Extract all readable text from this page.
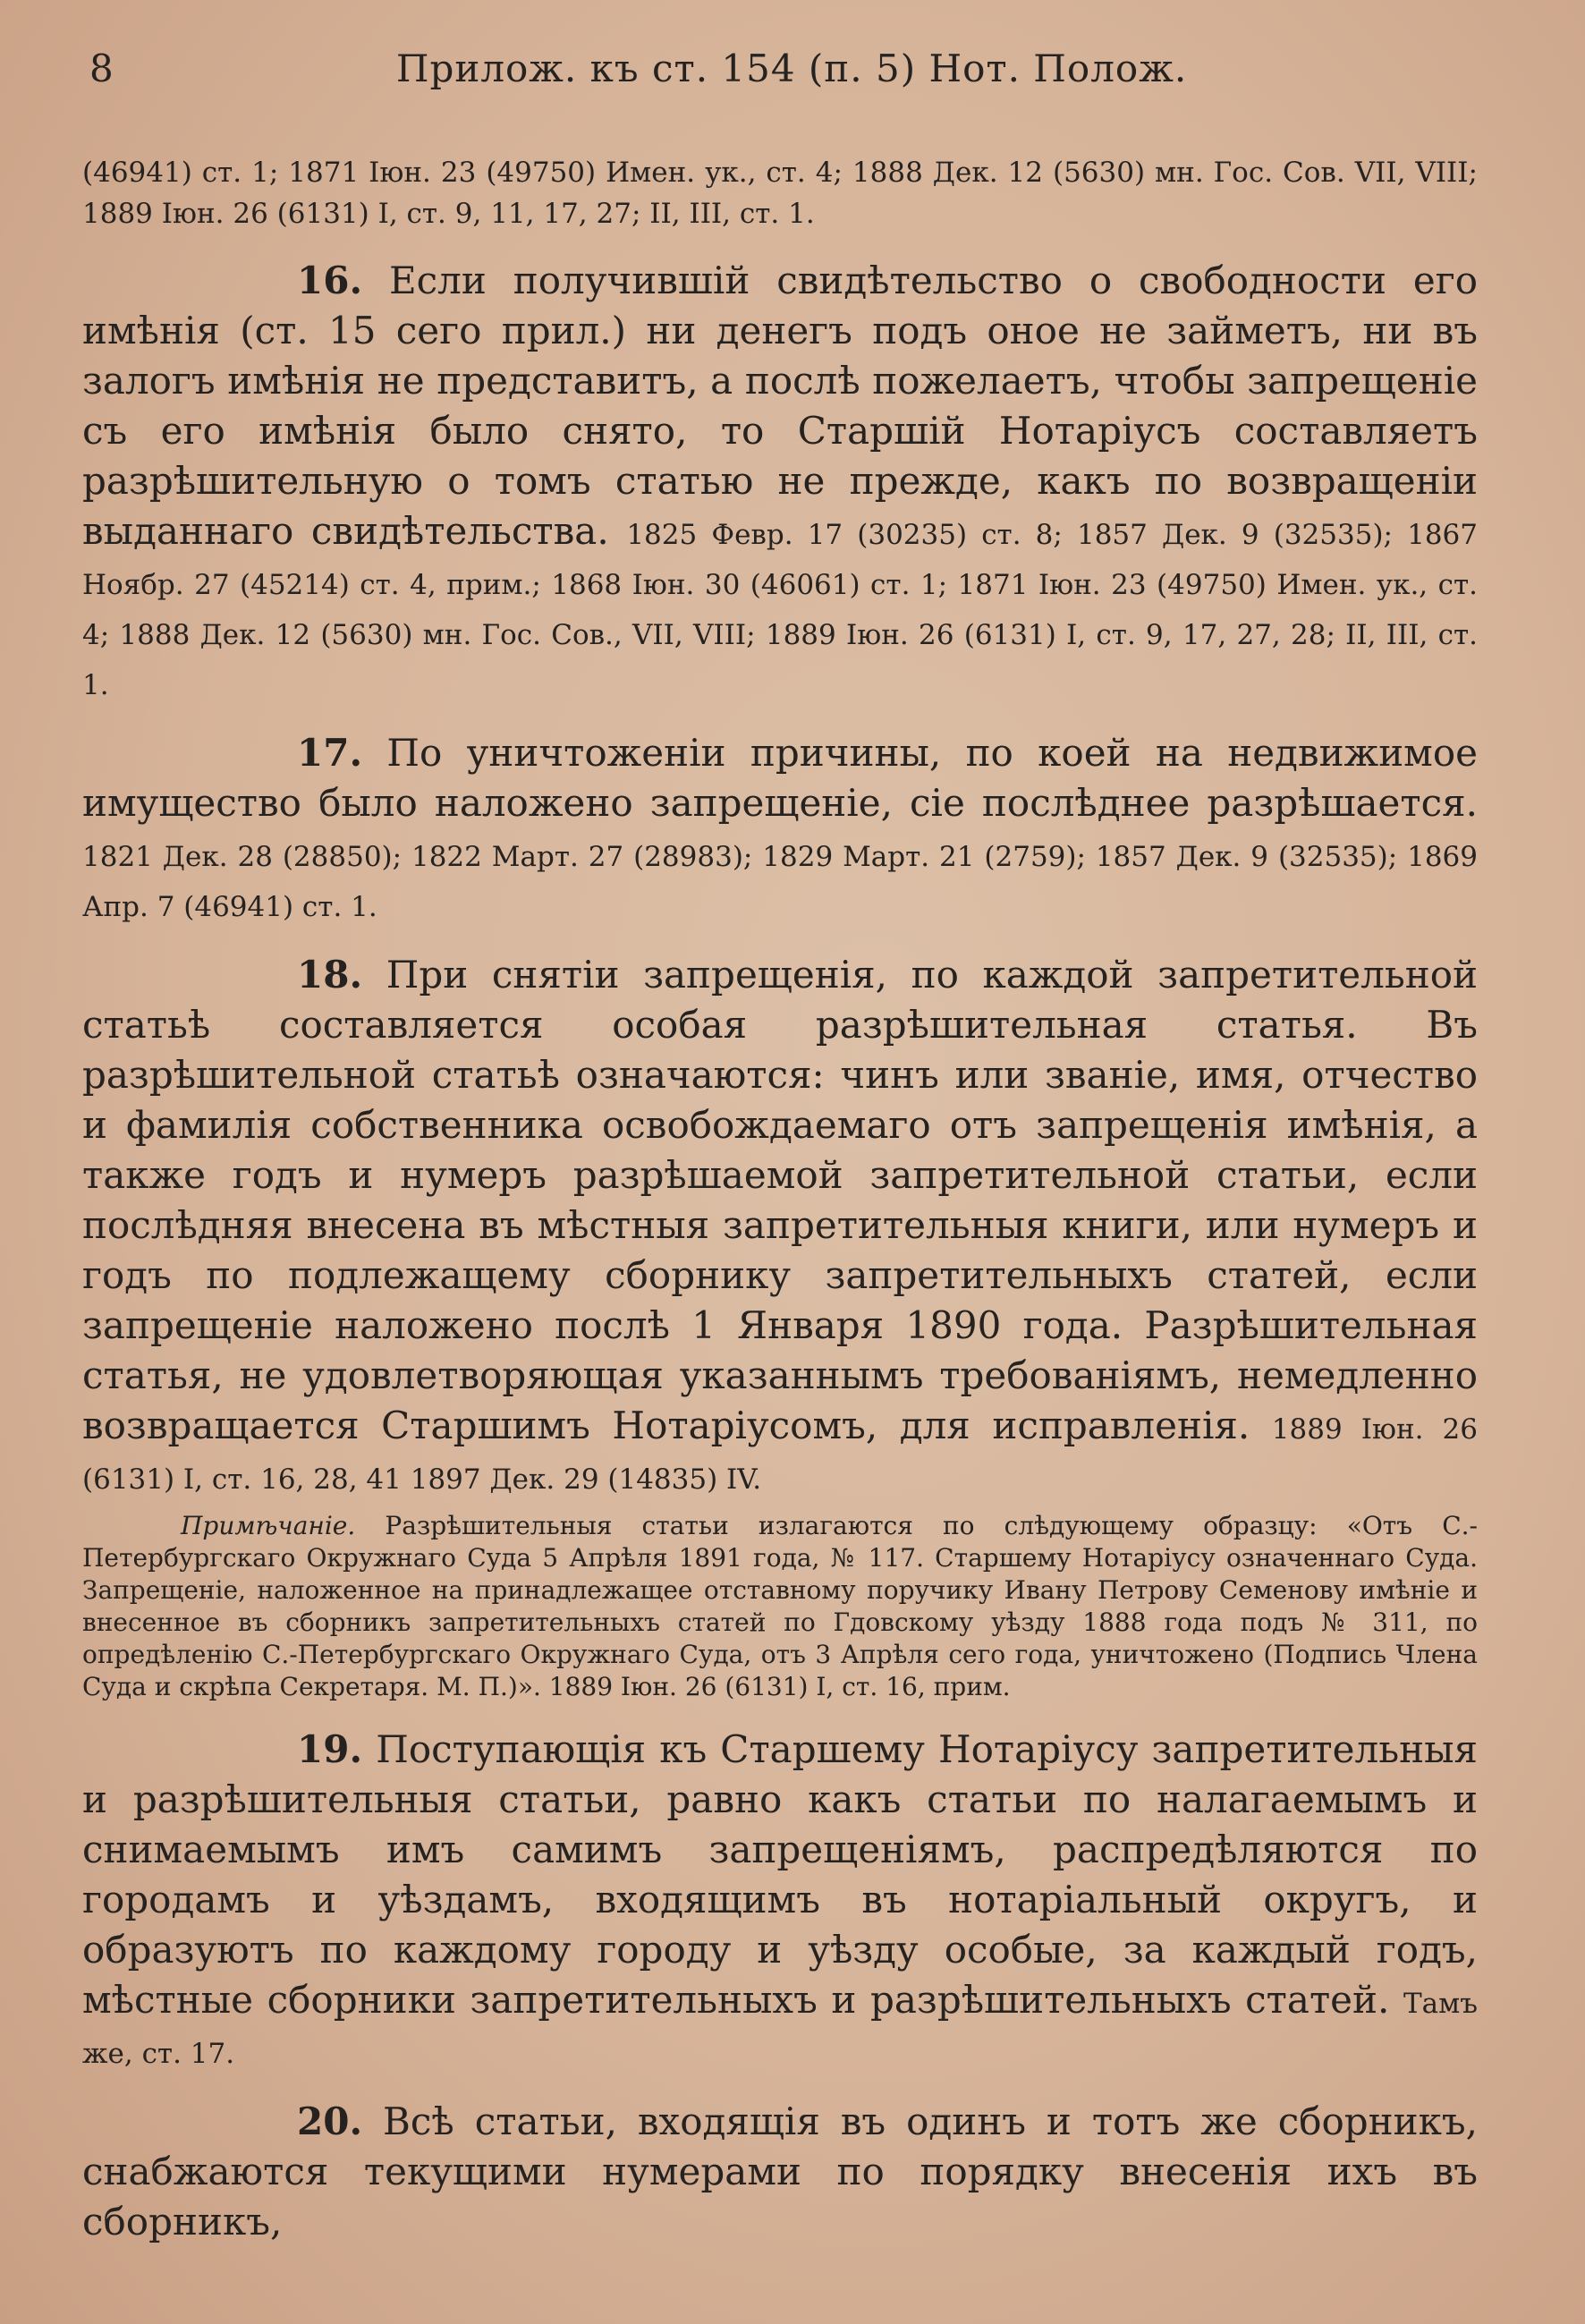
8	Прилож. къ ст. 154 (п. 5) Нот. Полож.

(46941) ст. 1; 1871 Іюн. 23 (49750) Имен. ук., ст. 4; 1888 Дек. 12 (5630) мн. Гос. Сов. VII, VIII; 1889 Іюн. 26 (6131) I, ст. 9, 11, 17, 27; II, III, ст. 1.

16. Если получившій свидѣтельство о свободности его имѣнія (ст. 15 сего прил.) ни денегъ подъ оное не займетъ, ни въ залогъ имѣнія не представитъ, а послѣ пожелаетъ, чтобы запрещеніе съ его имѣнія было снято, то Старшій Нотаріусъ составляетъ разрѣшительную о томъ статью не прежде, какъ по возвращеніи выданнаго свидѣтельства. 1825 Февр. 17 (30235) ст. 8; 1857 Дек. 9 (32535); 1867 Ноябр. 27 (45214) ст. 4, прим.; 1868 Іюн. 30 (46061) ст. 1; 1871 Іюн. 23 (49750) Имен. ук., ст. 4; 1888 Дек. 12 (5630) мн. Гос. Сов., VII, VIII; 1889 Іюн. 26 (6131) I, ст. 9, 17, 27, 28; II, III, ст. 1.

17. По уничтоженіи причины, по коей на недвижимое имущество было наложено запрещеніе, сіе послѣднее разрѣшается. 1821 Дек. 28 (28850); 1822 Март. 27 (28983); 1829 Март. 21 (2759); 1857 Дек. 9 (32535); 1869 Апр. 7 (46941) ст. 1.

18. При снятіи запрещенія, по каждой запретительной статьѣ составляется особая разрѣшительная статья. Въ разрѣшительной статьѣ означаются: чинъ или званіе, имя, отчество и фамилія собственника освобождаемаго отъ запрещенія имѣнія, а также годъ и нумеръ разрѣшаемой запретительной статьи, если послѣдняя внесена въ мѣстныя запретительныя книги, или нумеръ и годъ по подлежащему сборнику запретительныхъ статей, если запрещеніе наложено послѣ 1 Января 1890 года. Разрѣшительная статья, не удовлетворяющая указаннымъ требованіямъ, немедленно возвращается Старшимъ Нотаріусомъ, для исправленія. 1889 Іюн. 26 (6131) I, ст. 16, 28, 41 1897 Дек. 29 (14835) IV.

Примѣчаніе. Разрѣшительныя статьи излагаются по слѣдующему образцу: «Отъ С.-Петербургскаго Окружнаго Суда 5 Апрѣля 1891 года, № 117. Старшему Нотаріусу означеннаго Суда. Запрещеніе, наложенное на принадлежащее отставному поручику Ивану Петрову Семенову имѣніе и внесенное въ сборникъ запретительныхъ статей по Гдовскому уѣзду 1888 года подъ № 311, по опредѣленію С.-Петербургскаго Окружнаго Суда, отъ 3 Апрѣля сего года, уничтожено (Подпись Члена Суда и скрѣпа Секретаря. М. П.)». 1889 Іюн. 26 (6131) I, ст. 16, прим.

19. Поступающія къ Старшему Нотаріусу запретительныя и разрѣшительныя статьи, равно какъ статьи по налагаемымъ и снимаемымъ имъ самимъ запрещеніямъ, распредѣляются по городамъ и уѣздамъ, входящимъ въ нотаріальный округъ, и образуютъ по каждому городу и уѣзду особые, за каждый годъ, мѣстные сборники запретительныхъ и разрѣшительныхъ статей. Тамъ же, ст. 17.

20. Всѣ статьи, входящія въ одинъ и тотъ же сборникъ, снабжаются текущими нумерами по порядку внесенія ихъ въ сборникъ,
